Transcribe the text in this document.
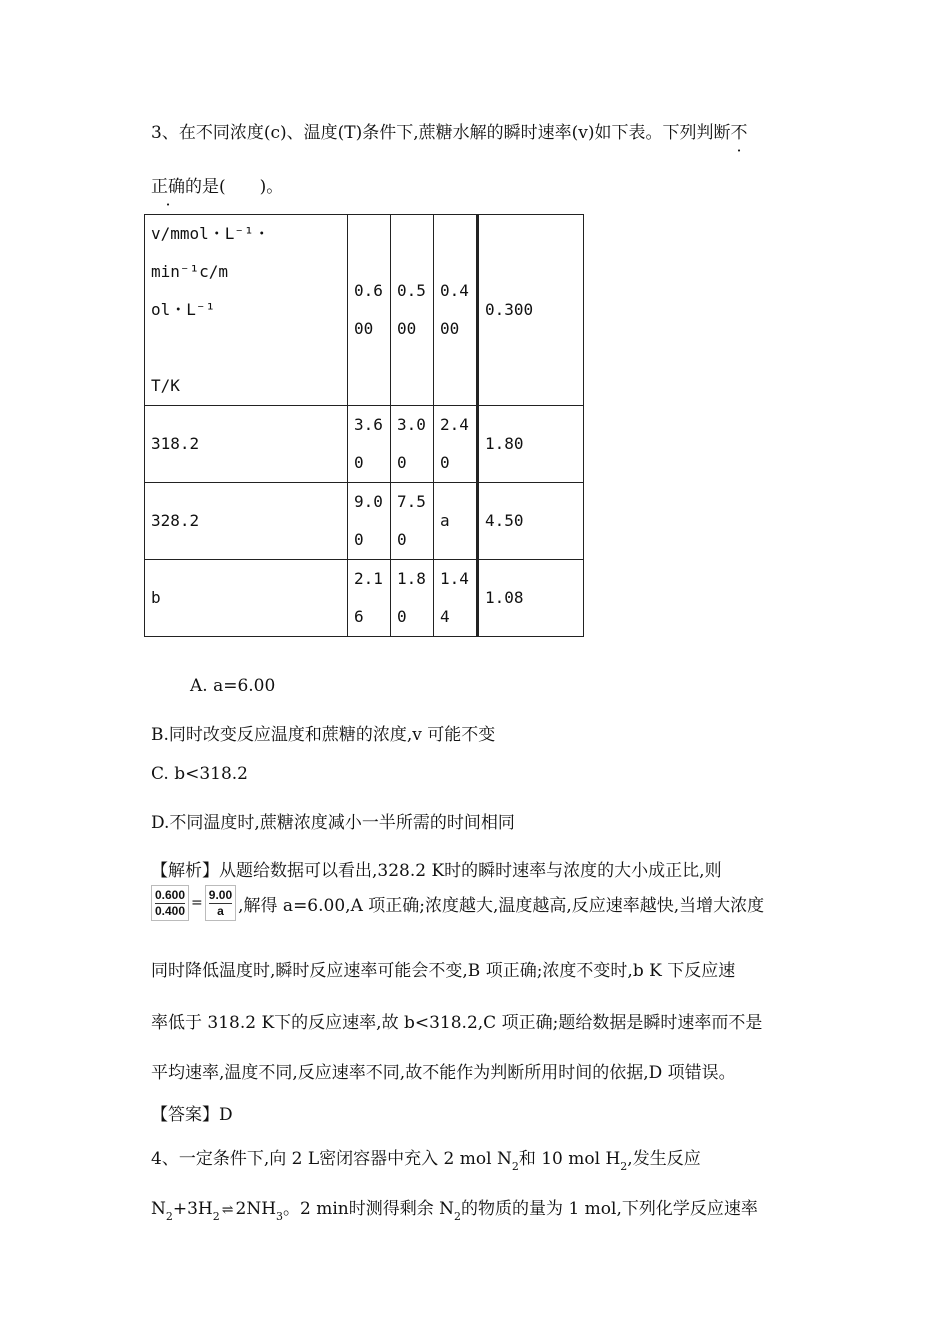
3、在不同浓度(c)、温度(T)条件下,蔗糖水解的瞬时速率(v)如下表。下列判断不
正确的是(　　)。
v/mmol・L⁻¹・min⁻¹c/m
ol・L⁻¹
T/K	0.600	0.500	0.400	0.300
318.2	3.60	3.00	2.40	1.80
328.2	9.00	7.50	a	4.50
b	2.16	1.80	1.44	1.08
A. a=6.00
B.同时改变反应温度和蔗糖的浓度,v 可能不变
C. b<318.2
D.不同温度时,蔗糖浓度减小一半所需的时间相同
【解析】从题给数据可以看出,328.2 K时的瞬时速率与浓度的大小成正比,则
$\frac{0.600}{0.400} = \frac{9.00}{a}$ ,解得 a=6.00,A 项正确;浓度越大,温度越高,反应速率越快,当增大浓度
同时降低温度时,瞬时反应速率可能会不变,B 项正确;浓度不变时,b K 下反应速
率低于 318.2 K下的反应速率,故 b<318.2,C 项正确;题给数据是瞬时速率而不是
平均速率,温度不同,反应速率不同,故不能作为判断所用时间的依据,D 项错误。
【答案】D
4、一定条件下,向 2 L密闭容器中充入 2 mol $N_2$和 10 mol $H_2$,发生反应
$N_2+3H_2$ ⇌ $2NH_3$。2 min时测得剩余 $N_2$的物质的量为 1 mol,下列化学反应速率
